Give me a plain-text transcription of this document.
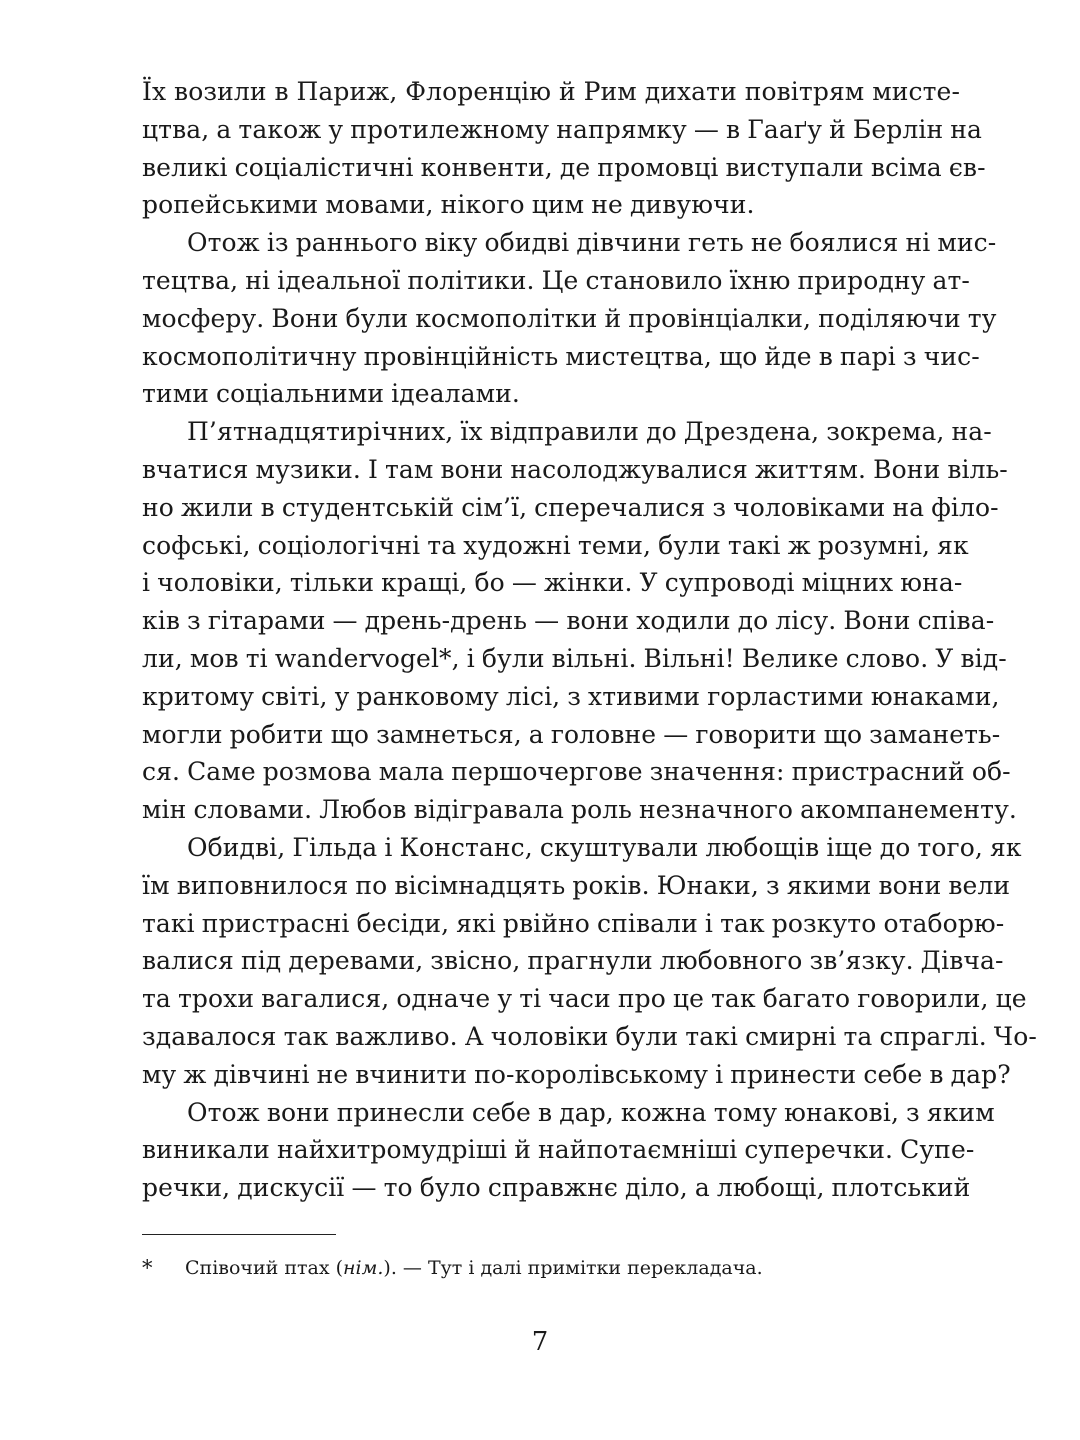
Їх возили в Париж, Флоренцію й Рим дихати повітрям мисте-
цтва, а також у протилежному напрямку — в Гааґу й Берлін на
великі соціалістичні конвенти, де промовці виступали всіма єв-
ропейськими мовами, нікого цим не дивуючи.
Отож із раннього віку обидві дівчини геть не боялися ні мис-
тецтва, ні ідеальної політики. Це становило їхню природну ат-
мосферу. Вони були космополітки й провінціалки, поділяючи ту
космополітичну провінційність мистецтва, що йде в парі з чис-
тими соціальними ідеалами.
П’ятнадцятирічних, їх відправили до Дрездена, зокрема, на-
вчатися музики. І там вони насолоджувалися життям. Вони віль-
но жили в студентській сім’ї, сперечалися з чоловіками на філо-
софські, соціологічні та художні теми, були такі ж розумні, як
і чоловіки, тільки кращі, бо — жінки. У супроводі міцних юна-
ків з гітарами — дрень-дрень — вони ходили до лісу. Вони співа-
ли, мов ті wandervogel*, і були вільні. Вільні! Велике слово. У від-
критому світі, у ранковому лісі, з хтивими горластими юнаками,
могли робити що замнеться, а головне — говорити що заманеть-
ся. Саме розмова мала першочергове значення: пристрасний об-
мін словами. Любов відігравала роль незначного акомпанементу.
Обидві, Гільда і Констанс, скуштували любощів іще до того, як
їм виповнилося по вісімнадцять років. Юнаки, з якими вони вели
такі пристрасні бесіди, які рвійно співали і так розкуто отаборю-
валися під деревами, звісно, прагнули любовного зв’язку. Дівча-
та трохи вагалися, одначе у ті часи про це так багато говорили, це
здавалося так важливо. А чоловіки були такі смирні та спраглі. Чо-
му ж дівчині не вчинити по-королівському і принести себе в дар?
* Співочий птах (нім.). — Тут і далі примітки перекладача.
7
Отож вони принесли себе в дар, кожна тому юнакові, з яким
виникали найхитромудріші й найпотаємніші суперечки. Супе-
речки, дискусії — то було справжнє діло, а любощі, плотський
